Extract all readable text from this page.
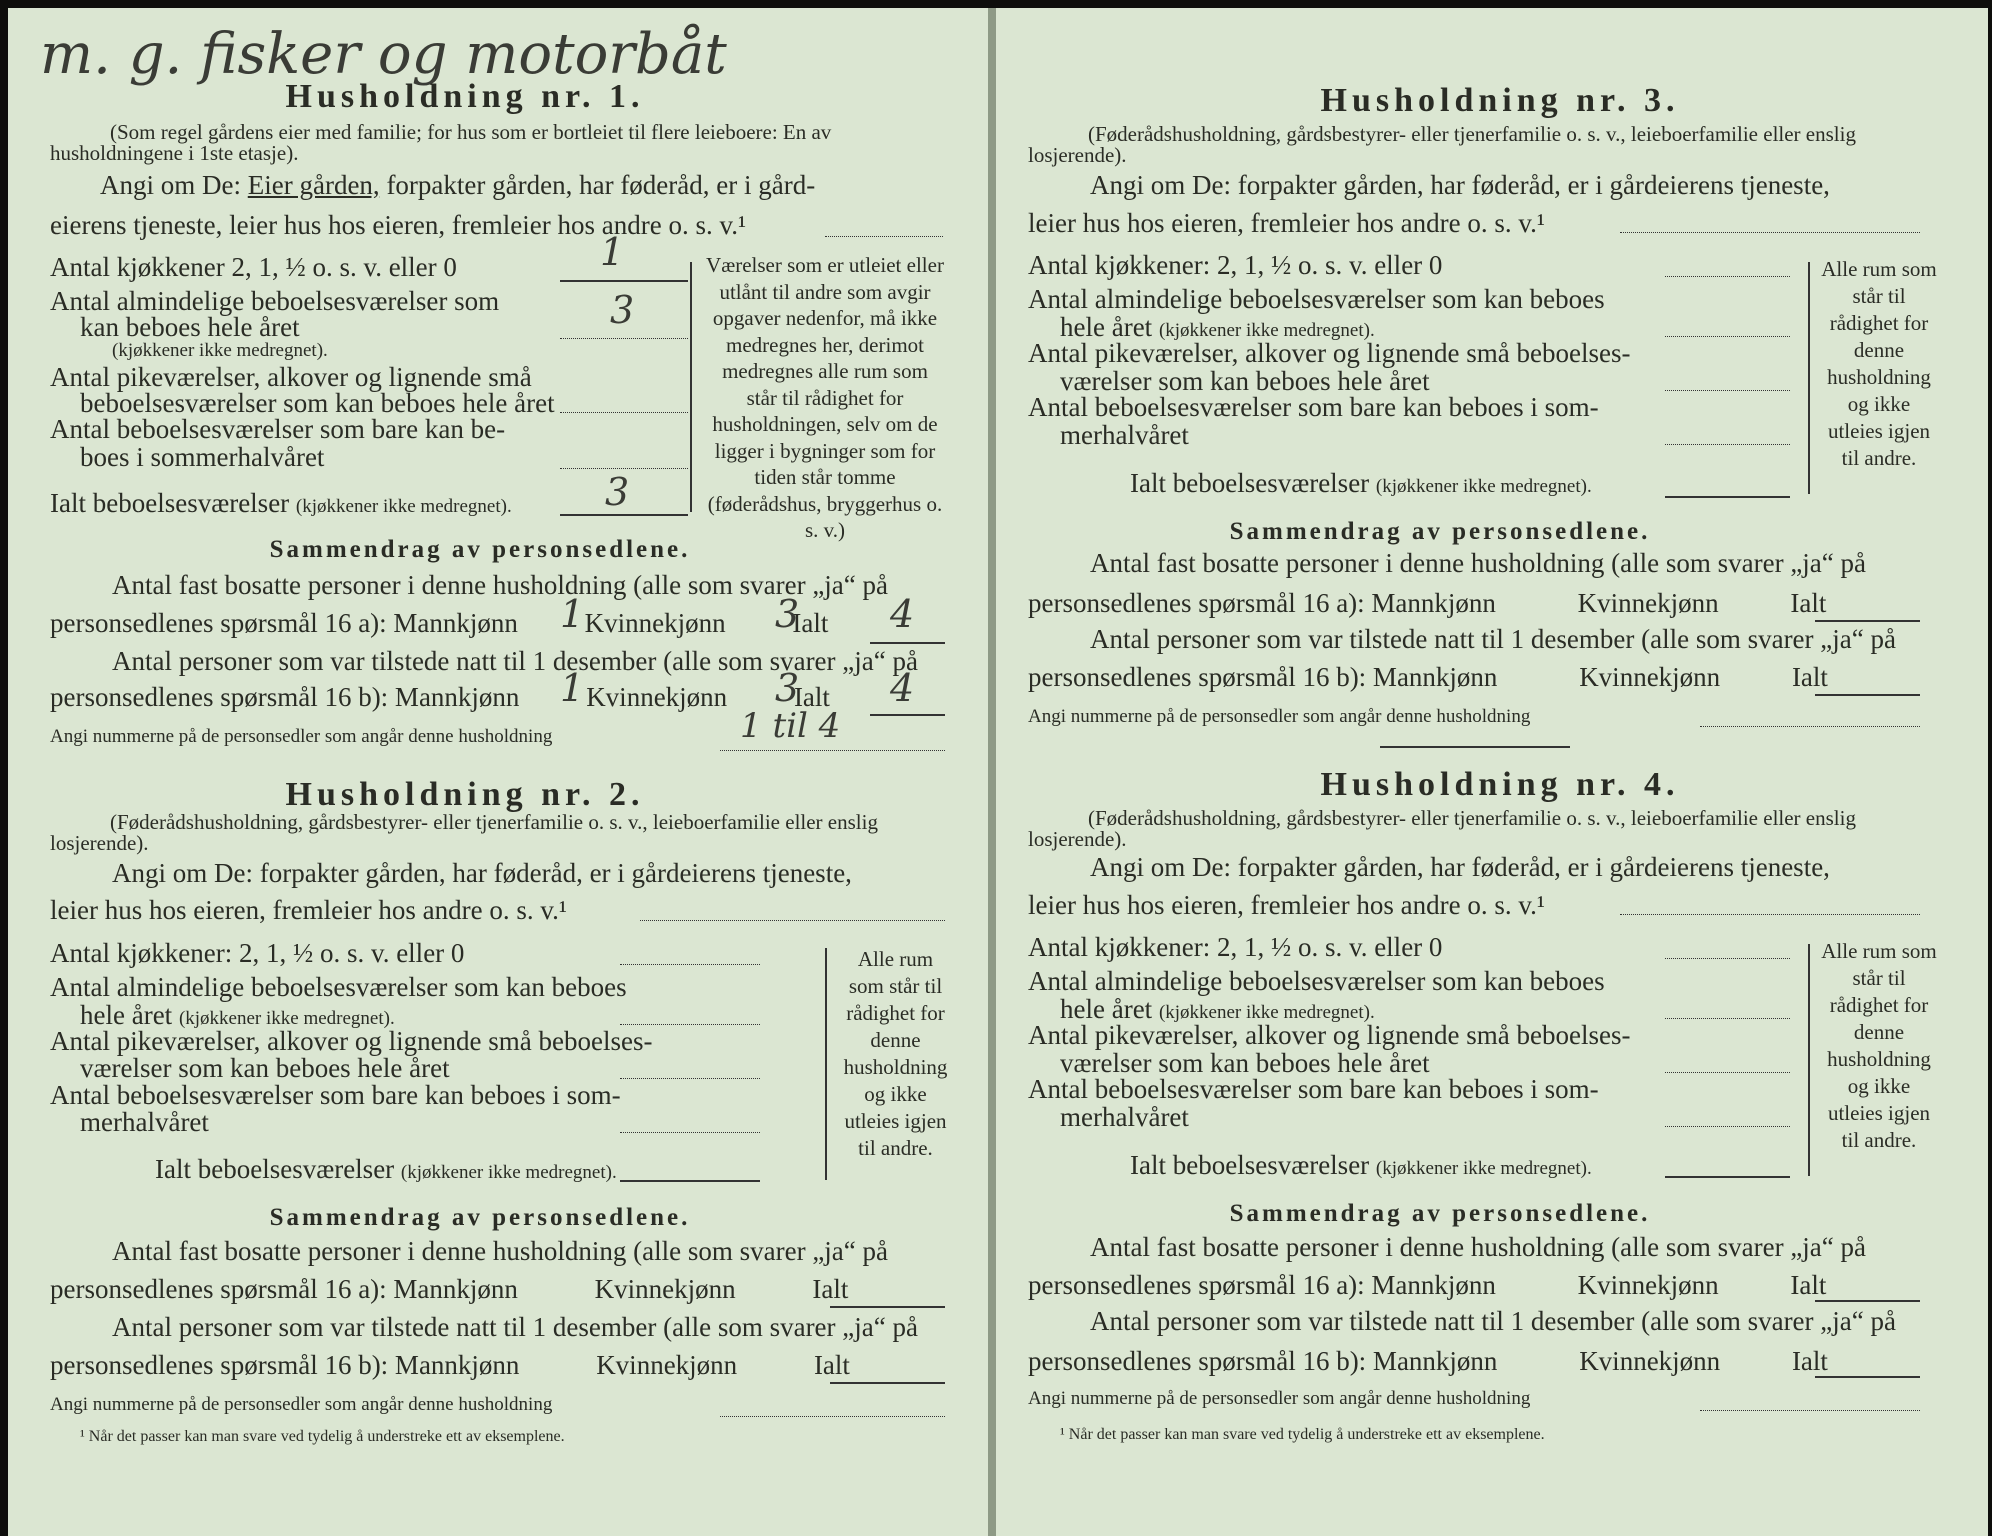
m. g. fisker og motorbåt
Husholdning nr. 1.
(Som regel gårdens eier med familie; for hus som er bortleiet til flere leieboere: En av husholdningene i 1ste etasje).
Angi om De: Eier gården, forpakter gården, har føderåd, er i gård-
eierens tjeneste, leier hus hos eieren, fremleier hos andre o. s. v.¹
Antal kjøkkener 2, 1, ½ o. s. v. eller 0	1
Antal almindelige beboelsesværelser som
kan beboes hele året
(kjøkkener ikke medregnet).
3
Antal pikeværelser, alkover og lignende små
beboelsesværelser som kan beboes hele året
Antal beboelsesværelser som bare kan be-
boes i sommerhalvåret
Ialt beboelsesværelser (kjøkkener ikke medregnet). 3
Værelser som er utleiet eller utlånt til andre som avgir opgaver nedenfor, må ikke medregnes her, derimot medregnes alle rum som står til rådighet for husholdningen, selv om de ligger i bygninger som for tiden står tomme (føderådshus, bryggerhus o. s. v.)
Sammendrag av personsedlene.
Antal fast bosatte personer i denne husholdning (alle som svarer „ja“ på
personsedlenes spørsmål 16 a): Mannkjønn Kvinnekjønn Ialt
1	3 4
Antal personer som var tilstede natt til 1 desember (alle som svarer „ja“ på
personsedlenes spørsmål 16 b): Mannkjønn Kvinnekjønn Ialt
1	3 4
Angi nummerne på de personsedler som angår denne husholdning	1 til 4
Husholdning nr. 2.
(Føderådshusholdning, gårdsbestyrer- eller tjenerfamilie o. s. v., leieboerfamilie eller enslig losjerende).
Angi om De: forpakter gården, har føderåd, er i gårdeierens tjeneste,
leier hus hos eieren, fremleier hos andre o. s. v.¹
Antal kjøkkener: 2, 1, ½ o. s. v. eller 0
Antal almindelige beboelsesværelser som kan beboes
hele året (kjøkkener ikke medregnet).
Antal pikeværelser, alkover og lignende små beboelses-
værelser som kan beboes hele året
Antal beboelsesværelser som bare kan beboes i som-
merhalvåret
Ialt beboelsesværelser (kjøkkener ikke medregnet).
Alle rum som står til rådighet for denne husholdning og ikke utleies igjen til andre.
Sammendrag av personsedlene.
Antal fast bosatte personer i denne husholdning (alle som svarer „ja“ på
personsedlenes spørsmål 16 a): Mannkjønn	Kvinnekjønn	Ialt
Antal personer som var tilstede natt til 1 desember (alle som svarer „ja“ på
personsedlenes spørsmål 16 b): Mannkjønn	Kvinnekjønn	Ialt
Angi nummerne på de personsedler som angår denne husholdning
¹ Når det passer kan man svare ved tydelig å understreke ett av eksemplene.
Husholdning nr. 3.
(Føderådshusholdning, gårdsbestyrer- eller tjenerfamilie o. s. v., leieboerfamilie eller enslig losjerende).
Angi om De: forpakter gården, har føderåd, er i gårdeierens tjeneste,
leier hus hos eieren, fremleier hos andre o. s. v.¹
Antal kjøkkener: 2, 1, ½ o. s. v. eller 0
Antal almindelige beboelsesværelser som kan beboes
hele året (kjøkkener ikke medregnet).
Antal pikeværelser, alkover og lignende små beboelses-
værelser som kan beboes hele året
Antal beboelsesværelser som bare kan beboes i som-
merhalvåret
Ialt beboelsesværelser (kjøkkener ikke medregnet).
Alle rum som står til rådighet for denne husholdning og ikke utleies igjen til andre.
Sammendrag av personsedlene.
Antal fast bosatte personer i denne husholdning (alle som svarer „ja“ på
personsedlenes spørsmål 16 a): Mannkjønn	Kvinnekjønn	Ialt
Antal personer som var tilstede natt til 1 desember (alle som svarer „ja“ på
personsedlenes spørsmål 16 b): Mannkjønn	Kvinnekjønn	Ialt
Angi nummerne på de personsedler som angår denne husholdning
Husholdning nr. 4.
(Føderådshusholdning, gårdsbestyrer- eller tjenerfamilie o. s. v., leieboerfamilie eller enslig losjerende).
Angi om De: forpakter gården, har føderåd, er i gårdeierens tjeneste,
leier hus hos eieren, fremleier hos andre o. s. v.¹
Antal kjøkkener: 2, 1, ½ o. s. v. eller 0
Antal almindelige beboelsesværelser som kan beboes
hele året (kjøkkener ikke medregnet).
Antal pikeværelser, alkover og lignende små beboelses-
værelser som kan beboes hele året
Antal beboelsesværelser som bare kan beboes i som-
merhalvåret
Ialt beboelsesværelser (kjøkkener ikke medregnet).
Alle rum som står til rådighet for denne husholdning og ikke utleies igjen til andre.
Sammendrag av personsedlene.
Antal fast bosatte personer i denne husholdning (alle som svarer „ja“ på
personsedlenes spørsmål 16 a): Mannkjønn	Kvinnekjønn	Ialt
Antal personer som var tilstede natt til 1 desember (alle som svarer „ja“ på
personsedlenes spørsmål 16 b): Mannkjønn	Kvinnekjønn	Ialt
Angi nummerne på de personsedler som angår denne husholdning
¹ Når det passer kan man svare ved tydelig å understreke ett av eksemplene.
